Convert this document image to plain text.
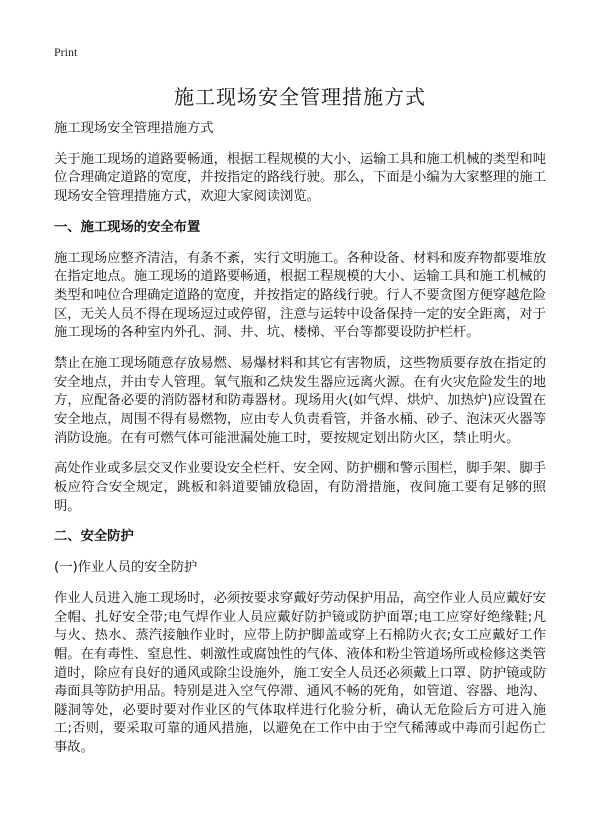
Print
施工现场安全管理措施方式

施工现场安全管理措施方式

关于施工现场的道路要畅通，根据工程规模的大小、运输工具和施工机械的类型和吨位合理确定道路的宽度，并按指定的路线行驶。那么，下面是小编为大家整理的施工现场安全管理措施方式，欢迎大家阅读浏览。

一、施工现场的安全布置

施工现场应整齐清洁，有条不紊，实行文明施工。各种设备、材料和废弃物都要堆放在指定地点。施工现场的道路要畅通，根据工程规模的大小、运输工具和施工机械的类型和吨位合理确定道路的宽度，并按指定的路线行驶。行人不要贪图方便穿越危险区，无关人员不得在现场逗过或停留，注意与运转中设备保持一定的安全距离，对于施工现场的各种室内外孔、洞、井、坑、楼梯、平台等都要设防护栏杆。

禁止在施工现场随意存放易燃、易爆材料和其它有害物质，这些物质要存放在指定的安全地点，并由专人管理。氧气瓶和乙炔发生器应远离火源。在有火灾危险发生的地方，应配备必要的消防器材和防毒器材。现场用火(如气焊、烘炉、加热炉)应设置在安全地点，周围不得有易燃物，应由专人负责看管，并备水桶、砂子、泡沫灭火器等消防设施。在有可燃气体可能泄漏处施工时，要按规定划出防火区，禁止明火。

高处作业或多层交叉作业要设安全栏杆、安全网、防护棚和警示围栏，脚手架、脚手板应符合安全规定，跳板和斜道要铺放稳固，有防滑措施，夜间施工要有足够的照明。

二、安全防护

(一)作业人员的安全防护

作业人员进入施工现场时，必须按要求穿戴好劳动保护用品，高空作业人员应戴好安全帽、扎好安全带;电气焊作业人员应戴好防护镜或防护面罩;电工应穿好绝缘鞋;凡与火、热水、蒸汽接触作业时，应带上防护脚盖或穿上石棉防火衣;女工应戴好工作帽。在有毒性、窒息性、刺激性或腐蚀性的气体、液体和粉尘管道场所或检修这类管道时，除应有良好的通风或除尘设施外，施工安全人员还必须戴上口罩、防护镜或防毒面具等防护用品。特别是进入空气停滞、通风不畅的死角，如管道、容器、地沟、隧洞等处，必要时要对作业区的气体取样进行化验分析，确认无危险后方可进入施工;否则，要采取可靠的通风措施，以避免在工作中由于空气稀薄或中毒而引起伤亡事故。
